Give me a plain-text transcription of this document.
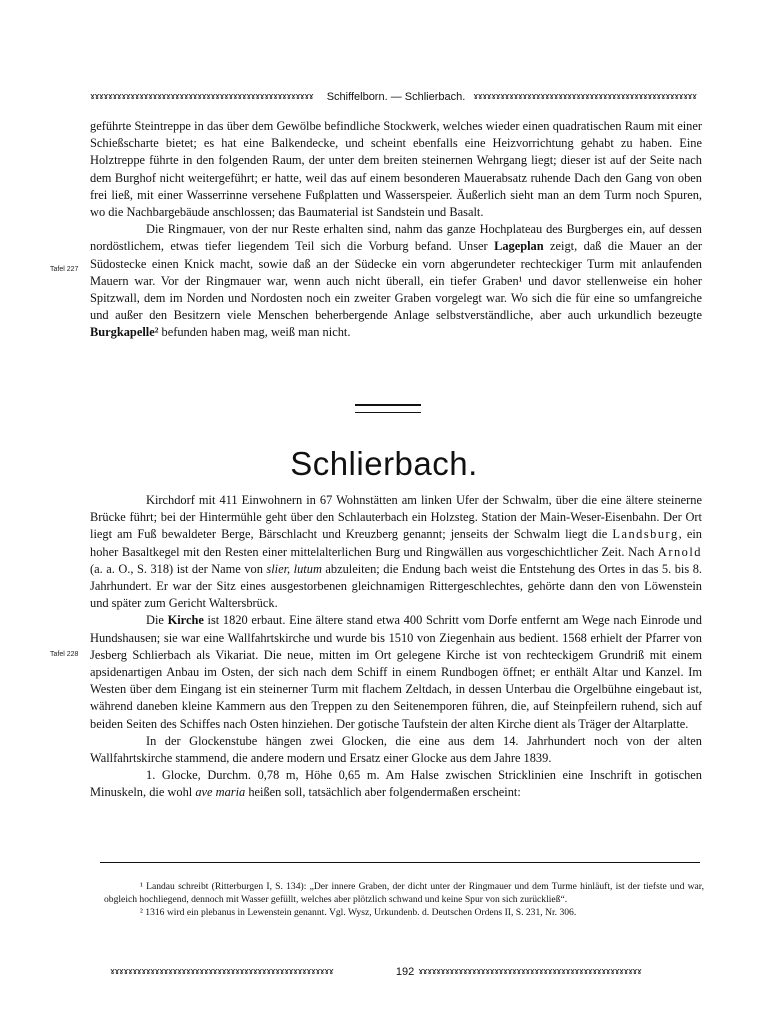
ɤɤɤɤɤɤɤɤɤɤɤɤɤɤɤɤɤɤɤɤɤɤɤɤɤɤɤɤɤɤɤɤɤɤɤɤɤɤɤɤɤɤɤɤɤɤɤɤɤɤ	Schiffelborn. — Schlierbach. ɤɤɤɤɤɤɤɤɤɤɤɤɤɤɤɤɤɤɤɤɤɤɤɤɤɤɤɤɤɤɤɤɤɤɤɤɤɤɤɤɤɤɤɤɤɤɤɤɤɤ

geführte Steintreppe in das über dem Gewölbe befindliche Stockwerk, welches wieder einen quadratischen Raum mit einer Schießscharte bietet; es hat eine Balkendecke, und scheint ebenfalls eine Heizvorrichtung gehabt zu haben. Eine Holztreppe führte in den folgenden Raum, der unter dem breiten steinernen Wehrgang liegt; dieser ist auf der Seite nach dem Burghof nicht weitergeführt; er hatte, weil das auf einem besonderen Mauerabsatz ruhende Dach den Gang von oben frei ließ, mit einer Wasserrinne versehene Fußplatten und Wasserspeier. Äußerlich sieht man an dem Turm noch Spuren, wo die Nachbargebäude anschlossen; das Baumaterial ist Sandstein und Basalt.

Die Ringmauer, von der nur Reste erhalten sind, nahm das ganze Hochplateau des Burgberges ein, auf dessen nordöstlichem, etwas tiefer liegendem Teil sich die Vorburg befand. Unser Lageplan zeigt, daß die Mauer an der Südostecke einen Knick macht, sowie daß an der Südecke ein vorn abgerundeter rechteckiger Turm mit anlaufenden Mauern war. Vor der Ringmauer war, wenn auch nicht überall, ein tiefer Graben¹ und davor stellenweise ein hoher Spitzwall, dem im Norden und Nordosten noch ein zweiter Graben vorgelegt war. Wo sich die für eine so umfangreiche und außer den Besitzern viele Menschen beherbergende Anlage selbstverständliche, aber auch urkundlich bezeugte Burgkapelle² befunden haben mag, weiß man nicht.

Tafel 227
Schlierbach.

Kirchdorf mit 411 Einwohnern in 67 Wohnstätten am linken Ufer der Schwalm, über die eine ältere steinerne Brücke führt; bei der Hintermühle geht über den Schlauterbach ein Holzsteg. Station der Main-Weser-Eisenbahn. Der Ort liegt am Fuß bewaldeter Berge, Bärschlacht und Kreuzberg genannt; jenseits der Schwalm liegt die Landsburg, ein hoher Basaltkegel mit den Resten einer mittelalterlichen Burg und Ringwällen aus vorgeschichtlicher Zeit. Nach Arnold (a. a. O., S. 318) ist der Name von slier, lutum abzuleiten; die Endung bach weist die Entstehung des Ortes in das 5. bis 8. Jahrhundert. Er war der Sitz eines ausgestorbenen gleichnamigen Rittergeschlechtes, gehörte dann den von Löwenstein und später zum Gericht Waltersbrück.

Die Kirche ist 1820 erbaut. Eine ältere stand etwa 400 Schritt vom Dorfe entfernt am Wege nach Einrode und Hundshausen; sie war eine Wallfahrtskirche und wurde bis 1510 von Ziegenhain aus bedient. 1568 erhielt der Pfarrer von Jesberg Schlierbach als Vikariat. Die neue, mitten im Ort gelegene Kirche ist von rechteckigem Grundriß mit einem apsidenartigen Anbau im Osten, der sich nach dem Schiff in einem Rundbogen öffnet; er enthält Altar und Kanzel. Im Westen über dem Eingang ist ein steinerner Turm mit flachem Zeltdach, in dessen Unterbau die Orgelbühne eingebaut ist, während daneben kleine Kammern aus den Treppen zu den Seitenemporen führen, die, auf Steinpfeilern ruhend, sich auf beiden Seiten des Schiffes nach Osten hinziehen. Der gotische Taufstein der alten Kirche dient als Träger der Altarplatte.

In der Glockenstube hängen zwei Glocken, die eine aus dem 14. Jahrhundert noch von der alten Wallfahrtskirche stammend, die andere modern und Ersatz einer Glocke aus dem Jahre 1839.

1. Glocke, Durchm. 0,78 m, Höhe 0,65 m. Am Halse zwischen Stricklinien eine Inschrift in gotischen Minuskeln, die wohl ave maria heißen soll, tatsächlich aber folgendermaßen erscheint:

Tafel 228

¹ Landau schreibt (Ritterburgen I, S. 134): „Der innere Graben, der dicht unter der Ringmauer und dem Turme hinläuft, ist der tiefste und war, obgleich hochliegend, dennoch mit Wasser gefüllt, welches aber plötzlich schwand und keine Spur von sich zurückließ“.

² 1316 wird ein plebanus in Lewenstein genannt. Vgl. Wysz, Urkundenb. d. Deutschen Ordens II, S. 231, Nr. 306.

ɤɤɤɤɤɤɤɤɤɤɤɤɤɤɤɤɤɤɤɤɤɤɤɤɤɤɤɤɤɤɤɤɤɤɤɤɤɤɤɤɤɤɤɤɤɤɤɤɤɤ	192 ɤɤɤɤɤɤɤɤɤɤɤɤɤɤɤɤɤɤɤɤɤɤɤɤɤɤɤɤɤɤɤɤɤɤɤɤɤɤɤɤɤɤɤɤɤɤɤɤɤɤ
